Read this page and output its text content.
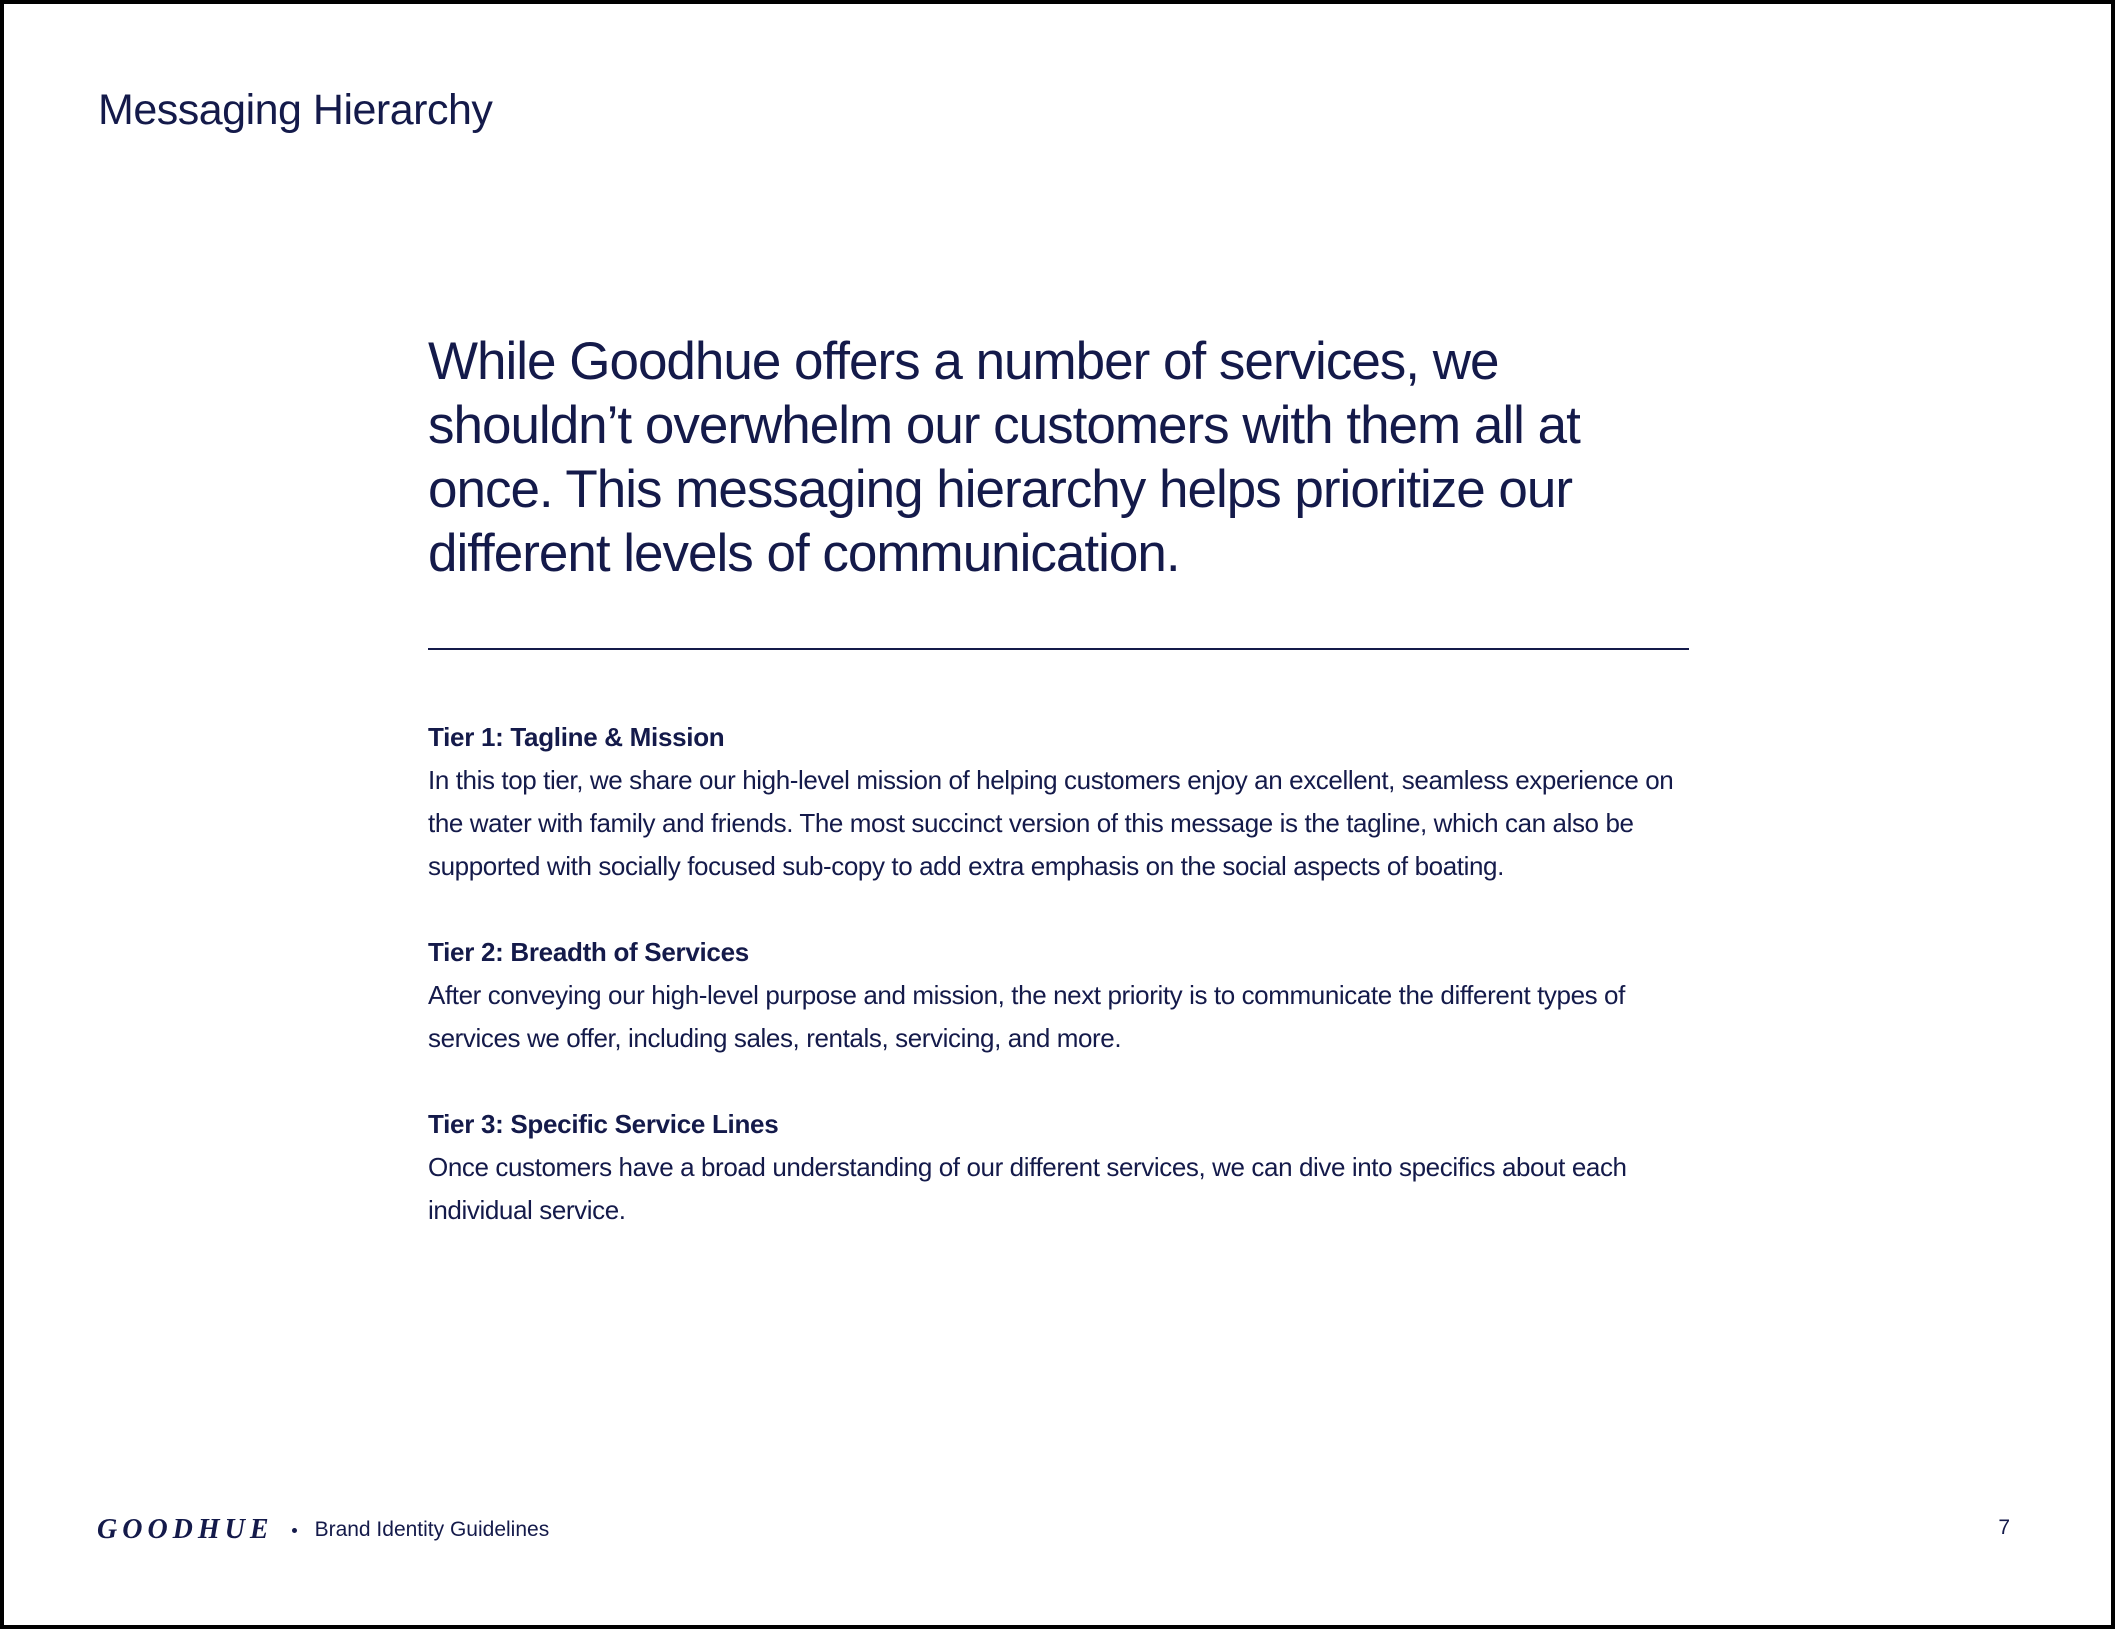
Messaging Hierarchy

While Goodhue offers a number of services, we shouldn’t overwhelm our customers with them all at once. This messaging hierarchy helps prioritize our different levels of communication.

Tier 1: Tagline & Mission

In this top tier, we share our high-level mission of helping customers enjoy an excellent, seamless experience on the water with family and friends. The most succinct version of this message is the tagline, which can also be supported with socially focused sub-copy to add extra emphasis on the social aspects of boating.

Tier 2: Breadth of Services

After conveying our high-level purpose and mission, the next priority is to communicate the different types of services we offer, including sales, rentals, servicing, and more.

Tier 3: Specific Service Lines

Once customers have a broad understanding of our different services, we can dive into specifics about each individual service.

GOODHUE Brand Identity Guidelines	7
